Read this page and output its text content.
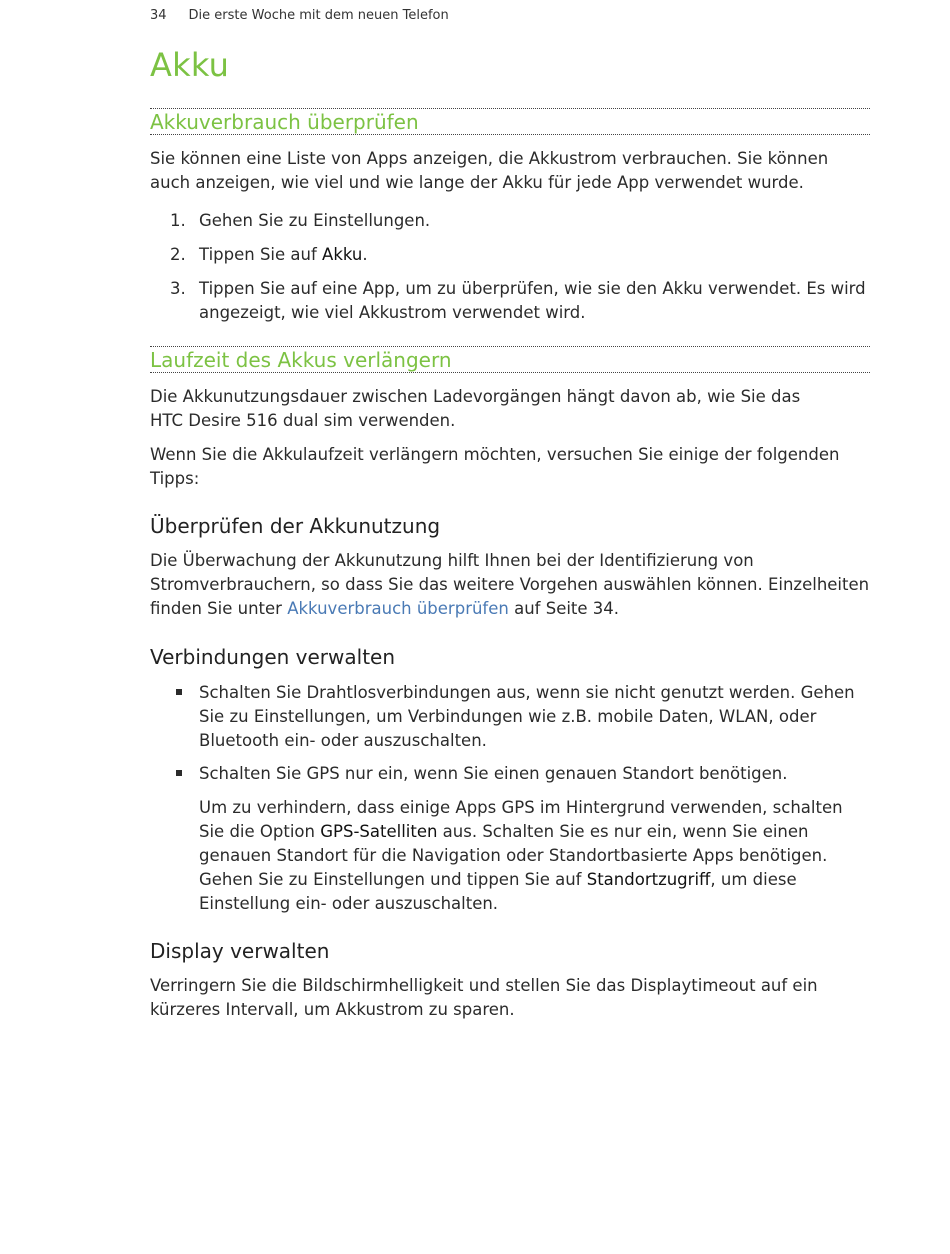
34 Die erste Woche mit dem neuen Telefon
Akku
Akkuverbrauch überprüfen

Sie können eine Liste von Apps anzeigen, die Akkustrom verbrauchen. Sie können auch anzeigen, wie viel und wie lange der Akku für jede App verwendet wurde.

1. Gehen Sie zu Einstellungen.
2. Tippen Sie auf Akku.
3. Tippen Sie auf eine App, um zu überprüfen, wie sie den Akku verwendet. Es wird angezeigt, wie viel Akkustrom verwendet wird.
Laufzeit des Akkus verlängern

Die Akkunutzungsdauer zwischen Ladevorgängen hängt davon ab, wie Sie das
HTC Desire 516 dual sim verwenden.

Wenn Sie die Akkulaufzeit verlängern möchten, versuchen Sie einige der folgenden Tipps:

Überprüfen der Akkunutzung

Die Überwachung der Akkunutzung hilft Ihnen bei der Identifizierung von Stromverbrauchern, so dass Sie das weitere Vorgehen auswählen können. Einzelheiten finden Sie unter Akkuverbrauch überprüfen auf Seite 34.

Verbindungen verwalten
Schalten Sie Drahtlosverbindungen aus, wenn sie nicht genutzt werden. Gehen Sie zu Einstellungen, um Verbindungen wie z.B. mobile Daten, WLAN, oder Bluetooth ein- oder auszuschalten.
Schalten Sie GPS nur ein, wenn Sie einen genauen Standort benötigen.
Um zu verhindern, dass einige Apps GPS im Hintergrund verwenden, schalten Sie die Option GPS-Satelliten aus. Schalten Sie es nur ein, wenn Sie einen genauen Standort für die Navigation oder Standortbasierte Apps benötigen. Gehen Sie zu Einstellungen und tippen Sie auf Standortzugriff, um diese Einstellung ein- oder auszuschalten.
Display verwalten

Verringern Sie die Bildschirmhelligkeit und stellen Sie das Displaytimeout auf ein kürzeres Intervall, um Akkustrom zu sparen.
